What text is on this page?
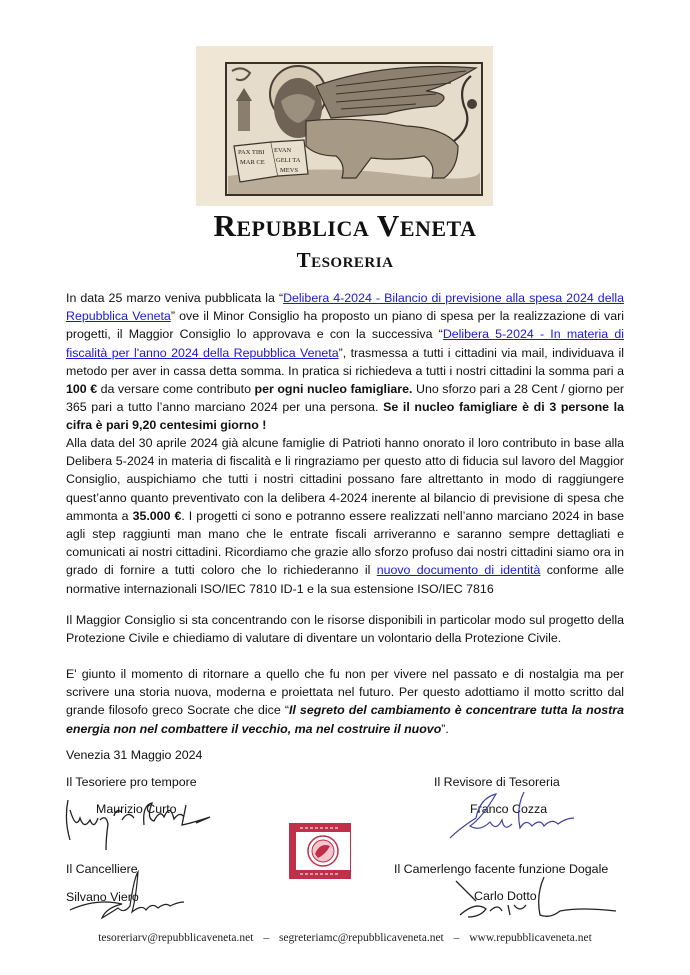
PAX TIBI
MAR CE
EVAN
GELI TA
MEVS
Repubblica Veneta
Tesoreria

In data 25 marzo veniva pubblicata la “Delibera 4-2024 - Bilancio di previsione alla spesa 2024 della Repubblica Veneta” ove il Minor Consiglio ha proposto un piano di spesa per la realizzazione di vari progetti, il Maggior Consiglio lo approvava e con la successiva “Delibera 5-2024 - In materia di fiscalità per l'anno 2024 della Repubblica Veneta”, trasmessa a tutti i cittadini via mail, individuava il metodo per aver in cassa detta somma. In pratica si richiedeva a tutti i nostri cittadini la somma pari a 100 € da versare come contributo per ogni nucleo famigliare. Uno sforzo pari a 28 Cent / giorno per 365 pari a tutto l’anno marciano 2024 per una persona. Se il nucleo famigliare è di 3 persone la cifra è pari 9,20 centesimi giorno !

Alla data del 30 aprile 2024 già alcune famiglie di Patrioti hanno onorato il loro contributo in base alla Delibera 5-2024 in materia di fiscalità e li ringraziamo per questo atto di fiducia sul lavoro del Maggior Consiglio, auspichiamo che tutti i nostri cittadini possano fare altrettanto in modo di raggiungere quest’anno quanto preventivato con la delibera 4-2024 inerente al bilancio di previsione di spesa che ammonta a 35.000 €. I progetti ci sono e potranno essere realizzati nell’anno marciano 2024 in base agli step raggiunti man mano che le entrate fiscali arriveranno e saranno sempre dettagliati e comunicati ai nostri cittadini. Ricordiamo che grazie allo sforzo profuso dai nostri cittadini siamo ora in grado di fornire a tutti coloro che lo richiederanno il nuovo documento di identità conforme alle normative internazionali ISO/IEC 7810 ID-1 e la sua estensione ISO/IEC 7816

Il Maggior Consiglio si sta concentrando con le risorse disponibili in particolar modo sul progetto della Protezione Civile e chiediamo di valutare di diventare un volontario della Protezione Civile.

E' giunto il momento di ritornare a quello che fu non per vivere nel passato e di nostalgia ma per scrivere una storia nuova, moderna e proiettata nel futuro. Per questo adottiamo il motto scritto dal grande filosofo greco Socrate che dice “Il segreto del cambiamento è concentrare tutta la nostra energia non nel combattere il vecchio, ma nel costruire il nuovo”.

Venezia 31 Maggio 2024
Il Tesoriere pro tempore
Maurizio Curto
Il Revisore di Tesoreria
Franco Cozza
Il Cancelliere
Silvano Viero
Il Camerlengo facente funzione Dogale
Carlo Dotto
tesoreriarv@repubblicaveneta.net – segreteriamc@repubblicaveneta.net – www.repubblicaveneta.net
